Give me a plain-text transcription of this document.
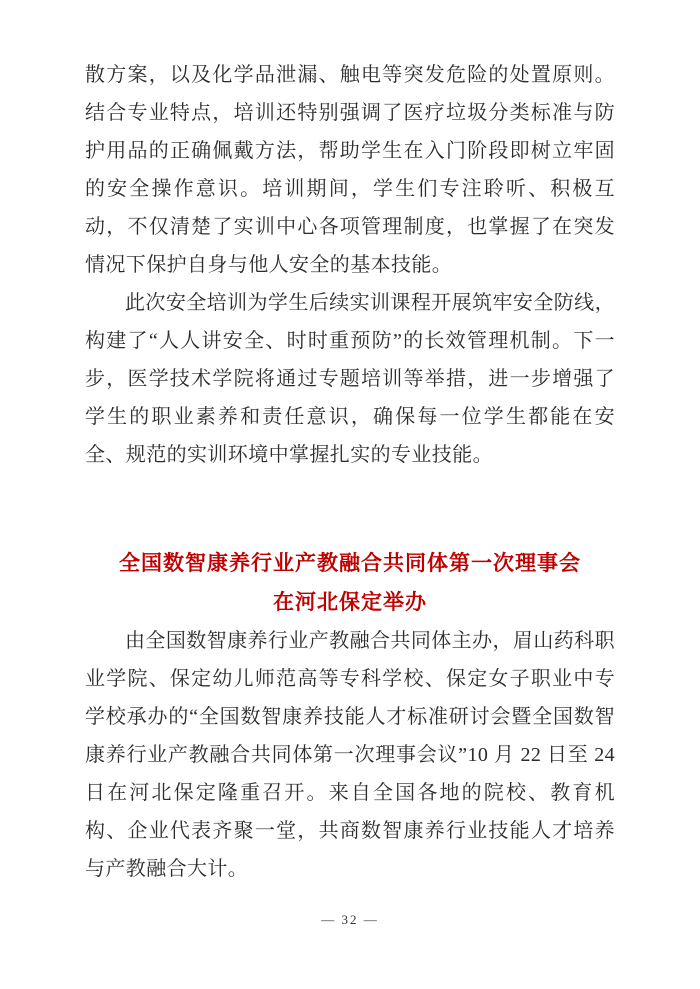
散方案，以及化学品泄漏、触电等突发危险的处置原则。结合专业特点，培训还特别强调了医疗垃圾分类标准与防护用品的正确佩戴方法，帮助学生在入门阶段即树立牢固的安全操作意识。培训期间，学生们专注聆听、积极互动，不仅清楚了实训中心各项管理制度，也掌握了在突发情况下保护自身与他人安全的基本技能。

此次安全培训为学生后续实训课程开展筑牢安全防线，构建了“人人讲安全、时时重预防”的长效管理机制。下一步，医学技术学院将通过专题培训等举措，进一步增强了学生的职业素养和责任意识，确保每一位学生都能在安全、规范的实训环境中掌握扎实的专业技能。

全国数智康养行业产教融合共同体第一次理事会
在河北保定举办

由全国数智康养行业产教融合共同体主办，眉山药科职业学院、保定幼儿师范高等专科学校、保定女子职业中专学校承办的“全国数智康养技能人才标准研讨会暨全国数智康养行业产教融合共同体第一次理事会议”10 月 22 日至 24 日在河北保定隆重召开。来自全国各地的院校、教育机构、企业代表齐聚一堂，共商数智康养行业技能人才培养与产教融合大计。

— 32 —
